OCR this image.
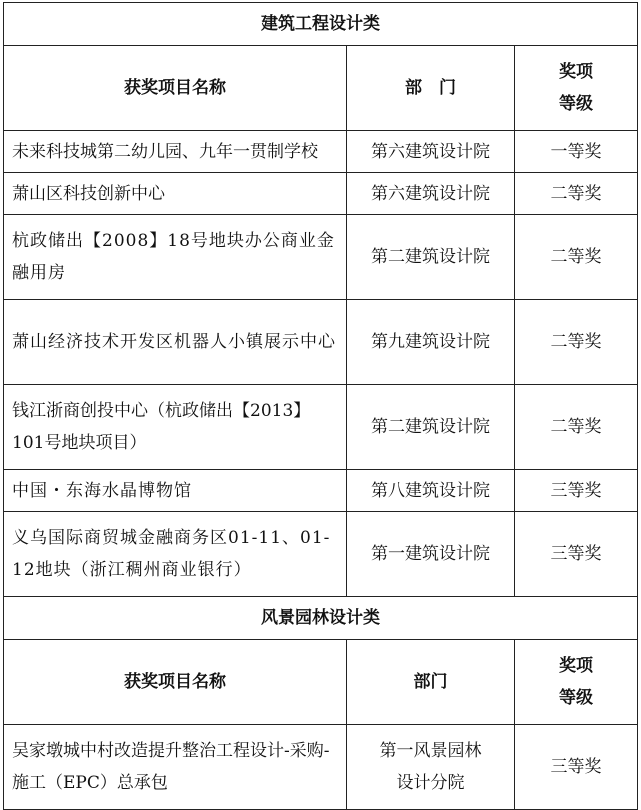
建筑工程设计类		
获奖项目名称	部　门	奖项
等级

未来科技城第二幼儿园、九年一贯制学校	第六建筑设计院	一等奖
萧山区科技创新中心	第六建筑设计院	二等奖
杭政储出【2008】18号地块办公商业金融用房	第二建筑设计院	二等奖
萧山经济技术开发区机器人小镇展示中心	第九建筑设计院	二等奖
钱江浙商创投中心（杭政储出【2013】101号地块项目）	第二建筑设计院	二等奖
中国・东海水晶博物馆	第八建筑设计院	三等奖
义乌国际商贸城金融商务区01-11、01-12地块（浙江稠州商业银行）	第一建筑设计院	三等奖
风景园林设计类		
获奖项目名称	部门	奖项
等级

吴家墩城中村改造提升整治工程设计-采购-施工（EPC）总承包	第一风景园林设计分院	三等奖
